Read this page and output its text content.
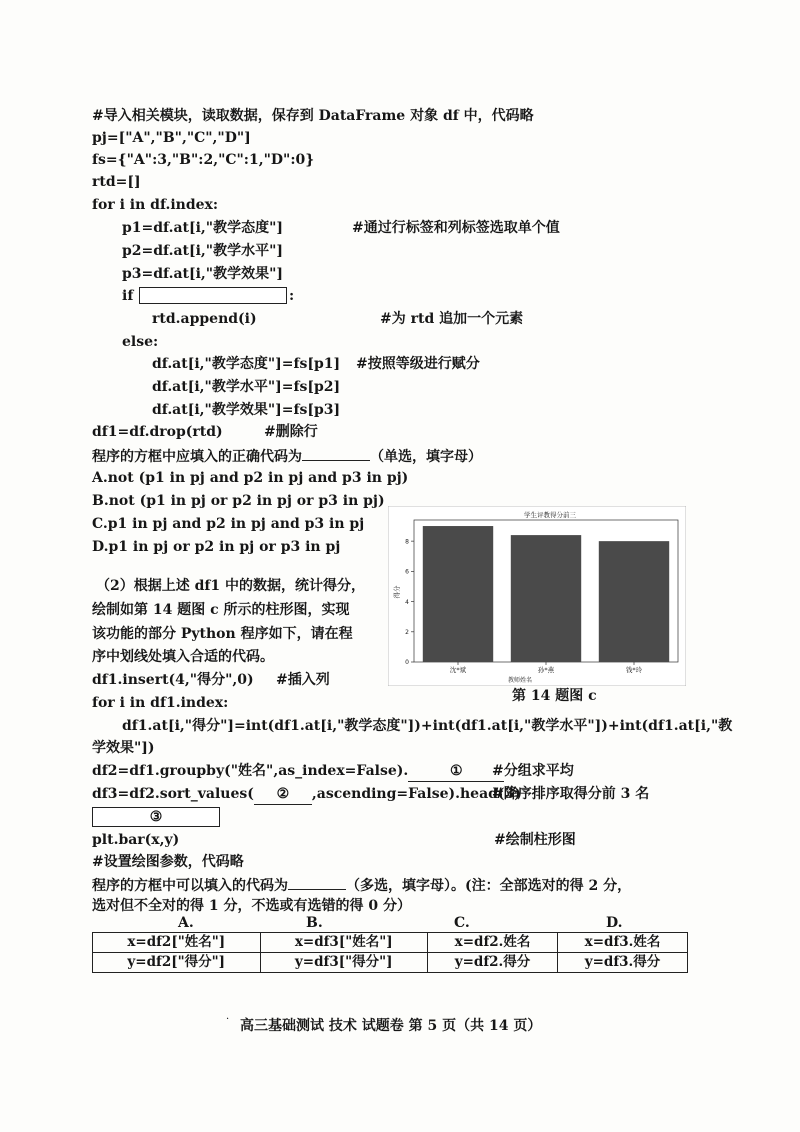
#导入相关模块，读取数据，保存到 DataFrame 对象 df 中，代码略
pj=["A","B","C","D"]
fs={"A":3,"B":2,"C":1,"D":0}
rtd=[]
for i in df.index:
p1=df.at[i,"教学态度"]	#通过行标签和列标签选取单个值
p2=df.at[i,"教学水平"]
p3=df.at[i,"教学效果"]
if	:
rtd.append(i)	#为 rtd 追加一个元素
else:
df.at[i,"教学态度"]=fs[p1] #按照等级进行赋分
df.at[i,"教学水平"]=fs[p2]
df.at[i,"教学效果"]=fs[p3]
df1=df.drop(rtd)	#删除行
程序的方框中应填入的正确代码为	（单选，填字母）
A.not (p1 in pj and p2 in pj and p3 in pj)
B.not (p1 in pj or p2 in pj or p3 in pj)
C.p1 in pj and p2 in pj and p3 in pj
D.p1 in pj or p2 in pj or p3 in pj
学生评教得分前三
得分
教师姓名
0
2
4
6
8
沈*斌	孙*燕	钱*玲
第 14 题图 c
（2）根据上述 df1 中的数据，统计得分，
绘制如第 14 题图 c 所示的柱形图，实现
该功能的部分 Python 程序如下，请在程
序中划线处填入合适的代码。
df1.insert(4,"得分",0) #插入列
for i in df1.index:
df1.at[i,"得分"]=int(df1.at[i,"教学态度"])+int(df1.at[i,"教学水平"])+int(df1.at[i,"教
学效果"])
df2=df1.groupby("姓名",as_index=False).	①	#分组求平均
df3=df2.sort_values( ② ,ascending=False).head(3)
#降序排序取得分前 3 名
③
plt.bar(x,y)	#绘制柱形图
#设置绘图参数，代码略
程序的方框中可以填入的代码为	（多选，填字母）。(注：全部选对的得 2 分，
选对但不全对的得 1 分，不选或有选错的得 0 分）
A.	B.	C.	D.
x=df2["姓名"]	x=df3["姓名"]	x=df2.姓名	x=df3.姓名
y=df2["得分"]	y=df3["得分"]	y=df2.得分	y=df3.得分
· 高三基础测试 技术 试题卷 第 5 页（共 14 页）
